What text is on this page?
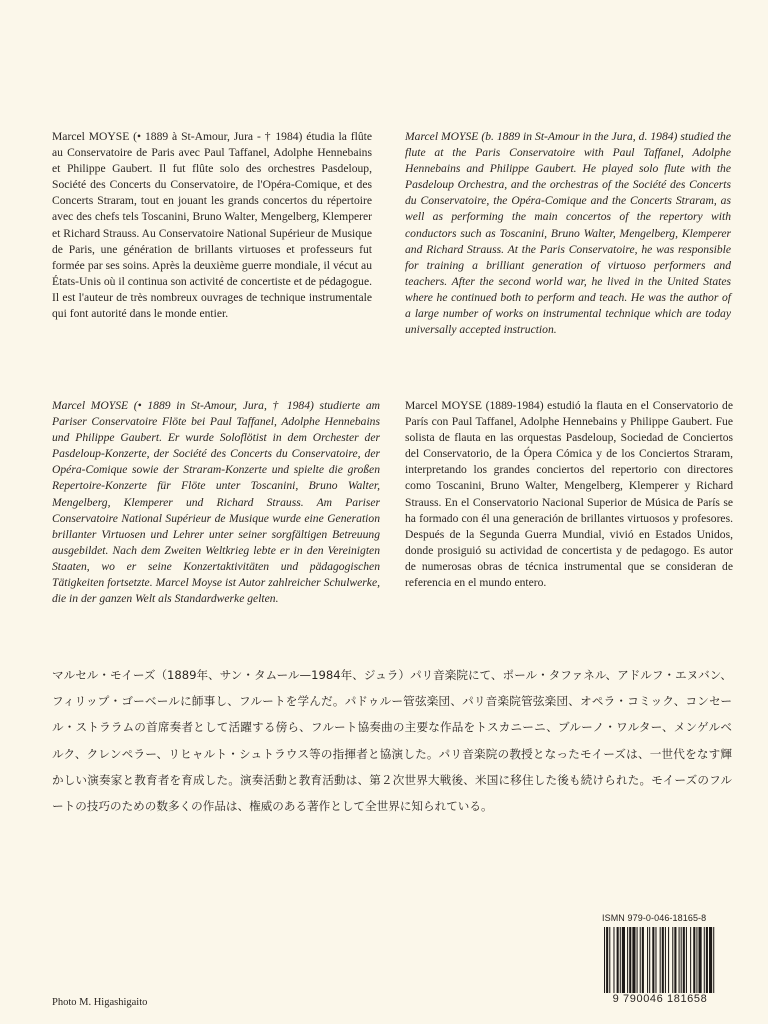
Marcel MOYSE (• 1889 à St-Amour, Jura - † 1984) étudia la flûte au Conservatoire de Paris avec Paul Taffanel, Adolphe Hennebains et Philippe Gaubert. Il fut flûte solo des orchestres Pasdeloup, Société des Concerts du Conservatoire, de l'Opéra-Comique, et des Concerts Straram, tout en jouant les grands concertos du répertoire avec des chefs tels Toscanini, Bruno Walter, Mengelberg, Klemperer et Richard Strauss. Au Conservatoire National Supérieur de Musique de Paris, une génération de brillants virtuoses et professeurs fut formée par ses soins. Après la deuxième guerre mondiale, il vécut au États-Unis où il continua son activité de concertiste et de pédagogue. Il est l'auteur de très nombreux ouvrages de technique instrumentale qui font autorité dans le monde entier.

Marcel MOYSE (b. 1889 in St-Amour in the Jura, d. 1984) studied the flute at the Paris Conservatoire with Paul Taffanel, Adolphe Hennebains and Philippe Gaubert. He played solo flute with the Pasdeloup Orchestra, and the orchestras of the Société des Concerts du Conservatoire, the Opéra-Comique and the Concerts Straram, as well as performing the main concertos of the repertory with conductors such as Toscanini, Bruno Walter, Mengelberg, Klemperer and Richard Strauss. At the Paris Conservatoire, he was responsible for training a brilliant generation of virtuoso performers and teachers. After the second world war, he lived in the United States where he continued both to perform and teach. He was the author of a large number of works on instrumental technique which are today universally accepted instruction.

Marcel MOYSE (• 1889 in St-Amour, Jura, † 1984) studierte am Pariser Conservatoire Flöte bei Paul Taffanel, Adolphe Hennebains und Philippe Gaubert. Er wurde Soloflötist in dem Orchester der Pasdeloup-Konzerte, der Société des Concerts du Conservatoire, der Opéra-Comique sowie der Straram-Konzerte und spielte die großen Repertoire-Konzerte für Flöte unter Toscanini, Bruno Walter, Mengelberg, Klemperer und Richard Strauss. Am Pariser Conservatoire National Supérieur de Musique wurde eine Generation brillanter Virtuosen und Lehrer unter seiner sorgfältigen Betreuung ausgebildet. Nach dem Zweiten Weltkrieg lebte er in den Vereinigten Staaten, wo er seine Konzertaktivitäten und pädagogischen Tätigkeiten fortsetzte. Marcel Moyse ist Autor zahlreicher Schulwerke, die in der ganzen Welt als Standardwerke gelten.

Marcel MOYSE (1889-1984) estudió la flauta en el Conservatorio de París con Paul Taffanel, Adolphe Hennebains y Philippe Gaubert. Fue solista de flauta en las orquestas Pasdeloup, Sociedad de Conciertos del Conservatorio, de la Ópera Cómica y de los Conciertos Straram, interpretando los grandes conciertos del repertorio con directores como Toscanini, Bruno Walter, Mengelberg, Klemperer y Richard Strauss. En el Conservatorio Nacional Superior de Música de París se ha formado con él una generación de brillantes virtuosos y profesores. Después de la Segunda Guerra Mundial, vivió en Estados Unidos, donde prosiguió su actividad de concertista y de pedagogo. Es autor de numerosas obras de técnica instrumental que se consideran de referencia en el mundo entero.

マルセル・モイーズ（1889年、サン・タムール—1984年、ジュラ）パリ音楽院にて、ポール・タファネル、アドルフ・エヌバン、フィリップ・ゴーベールに師事し、フルートを学んだ。パドゥルー管弦楽団、パリ音楽院管弦楽団、オペラ・コミック、コンセール・ストララムの首席奏者として活躍する傍ら、フルート協奏曲の主要な作品をトスカニーニ、ブルーノ・ワルター、メンゲルベルク、クレンペラー、リヒャルト・シュトラウス等の指揮者と協演した。パリ音楽院の教授となったモイーズは、一世代をなす輝かしい演奏家と教育者を育成した。演奏活動と教育活動は、第２次世界大戦後、米国に移住した後も続けられた。モイーズのフルートの技巧のための数多くの作品は、権威のある著作として全世界に知られている。

Photo M. Higashigaito

ISMN 979-0-046-18165-8

9 790046 181658
